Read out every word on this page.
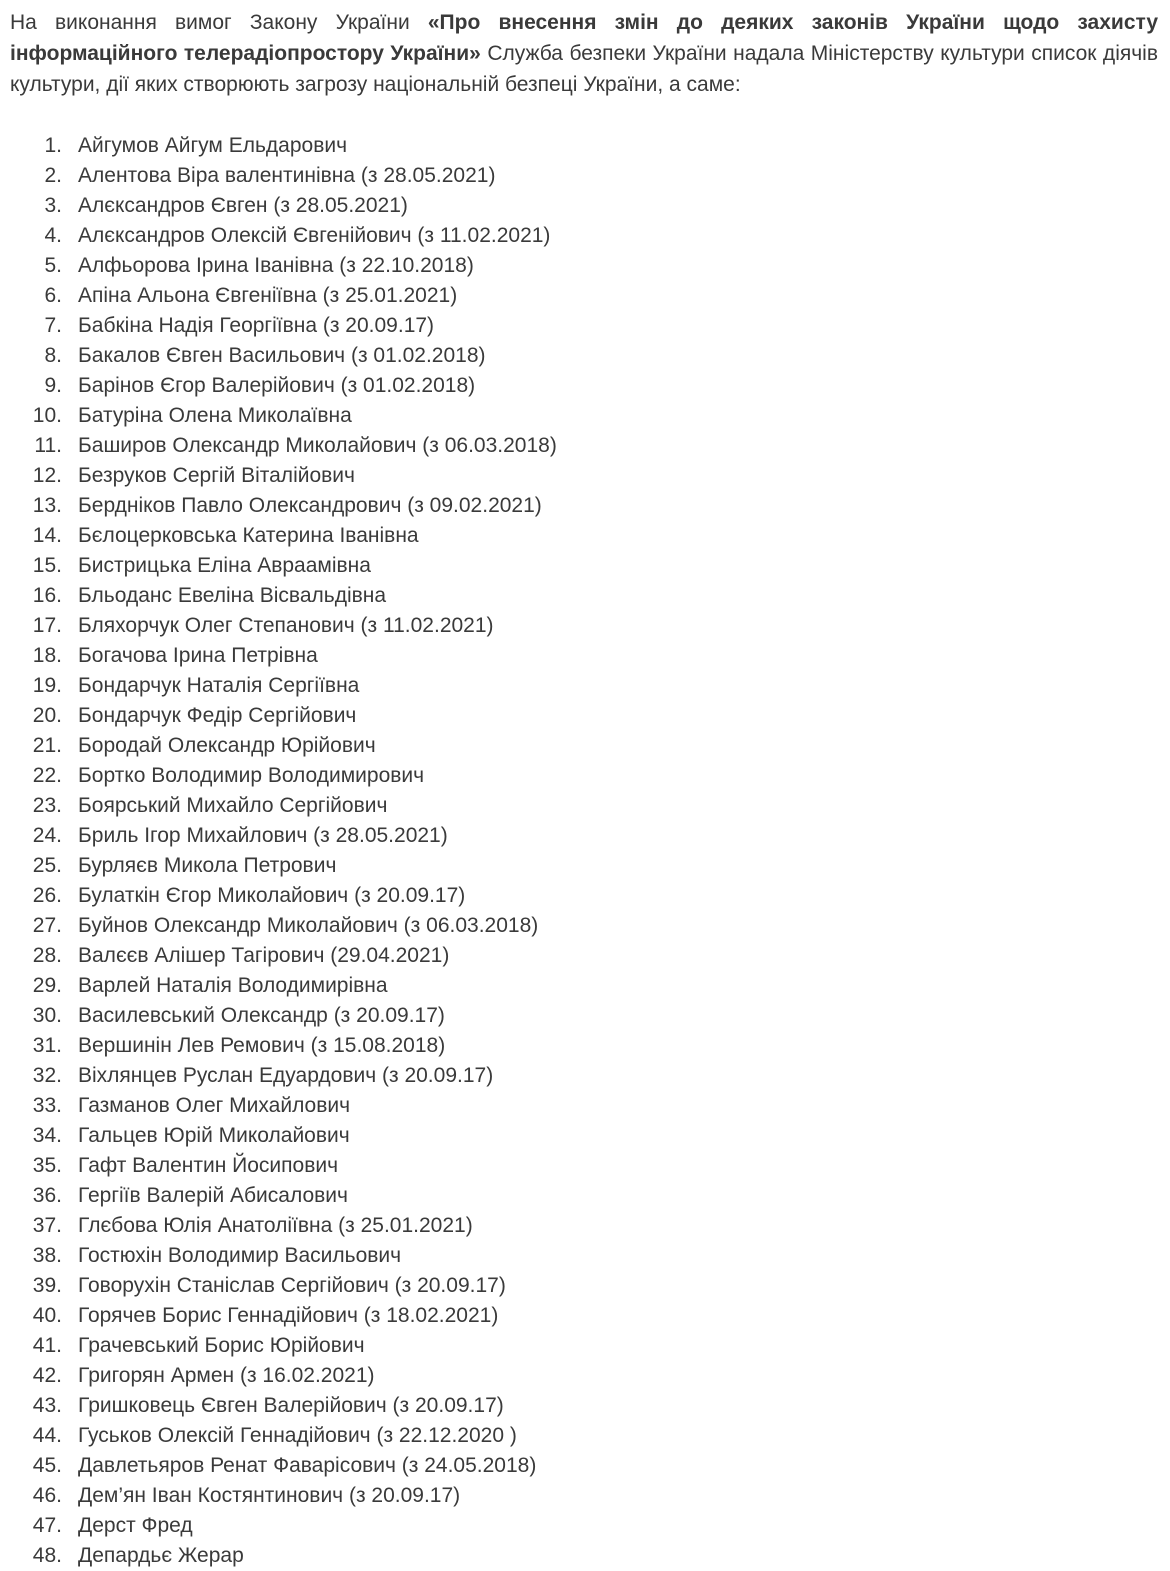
На виконання вимог Закону України «Про внесення змін до деяких законів України щодо захисту інформаційного телерадіопростору України» Служба безпеки України надала Міністерству культури список діячів культури, дії яких створюють загрозу національній безпеці України, а саме:

1. Айгумов Айгум Ельдарович
2. Алентова Віра валентинівна (з 28.05.2021)
3. Алєксандров Євген (з 28.05.2021)
4. Алєксандров Олексій Євгенійович (з 11.02.2021)
5. Алфьорова Ірина Іванівна (з 22.10.2018)
6. Апіна Альона Євгеніївна (з 25.01.2021)
7. Бабкіна Надія Георгіївна (з 20.09.17)
8. Бакалов Євген Васильович (з 01.02.2018)
9. Барінов Єгор Валерійович (з 01.02.2018)
10. Батуріна Олена Миколаївна
11. Баширов Олександр Миколайович (з 06.03.2018)
12. Безруков Сергій Віталійович
13. Бердніков Павло Олександрович (з 09.02.2021)
14. Бєлоцерковська Катерина Іванівна
15. Бистрицька Еліна Авраамівна
16. Бльоданс Евеліна Вісвальдівна
17. Бляхорчук Олег Степанович (з 11.02.2021)
18. Богачова Ірина Петрівна
19. Бондарчук Наталія Сергіївна
20. Бондарчук Федір Сергійович
21. Бородай Олександр Юрійович
22. Бортко Володимир Володимирович
23. Боярський Михайло Сергійович
24. Бриль Ігор Михайлович (з 28.05.2021)
25. Бурляєв Микола Петрович
26. Булаткін Єгор Миколайович (з 20.09.17)
27. Буйнов Олександр Миколайович (з 06.03.2018)
28. Валєєв Алішер Тагірович (29.04.2021)
29. Варлей Наталія Володимирівна
30. Василевський Олександр (з 20.09.17)
31. Вершинін Лев Ремович (з 15.08.2018)
32. Віхлянцев Руслан Едуардович (з 20.09.17)
33. Газманов Олег Михайлович
34. Гальцев Юрій Миколайович
35. Гафт Валентин Йосипович
36. Гергіїв Валерій Абисалович
37. Глєбова Юлія Анатоліївна (з 25.01.2021)
38. Гостюхін Володимир Васильович
39. Говорухін Станіслав Сергійович (з 20.09.17)
40. Горячев Борис Геннадійович (з 18.02.2021)
41. Грачевський Борис Юрійович
42. Григорян Армен (з 16.02.2021)
43. Гришковець Євген Валерійович (з 20.09.17)
44. Гуськов Олексій Геннадійович (з 22.12.2020 )
45. Давлетьяров Ренат Фаварісович (з 24.05.2018)
46. Дем’ян Іван Костянтинович (з 20.09.17)
47. Дерст Фред
48. Депардьє Жерар
